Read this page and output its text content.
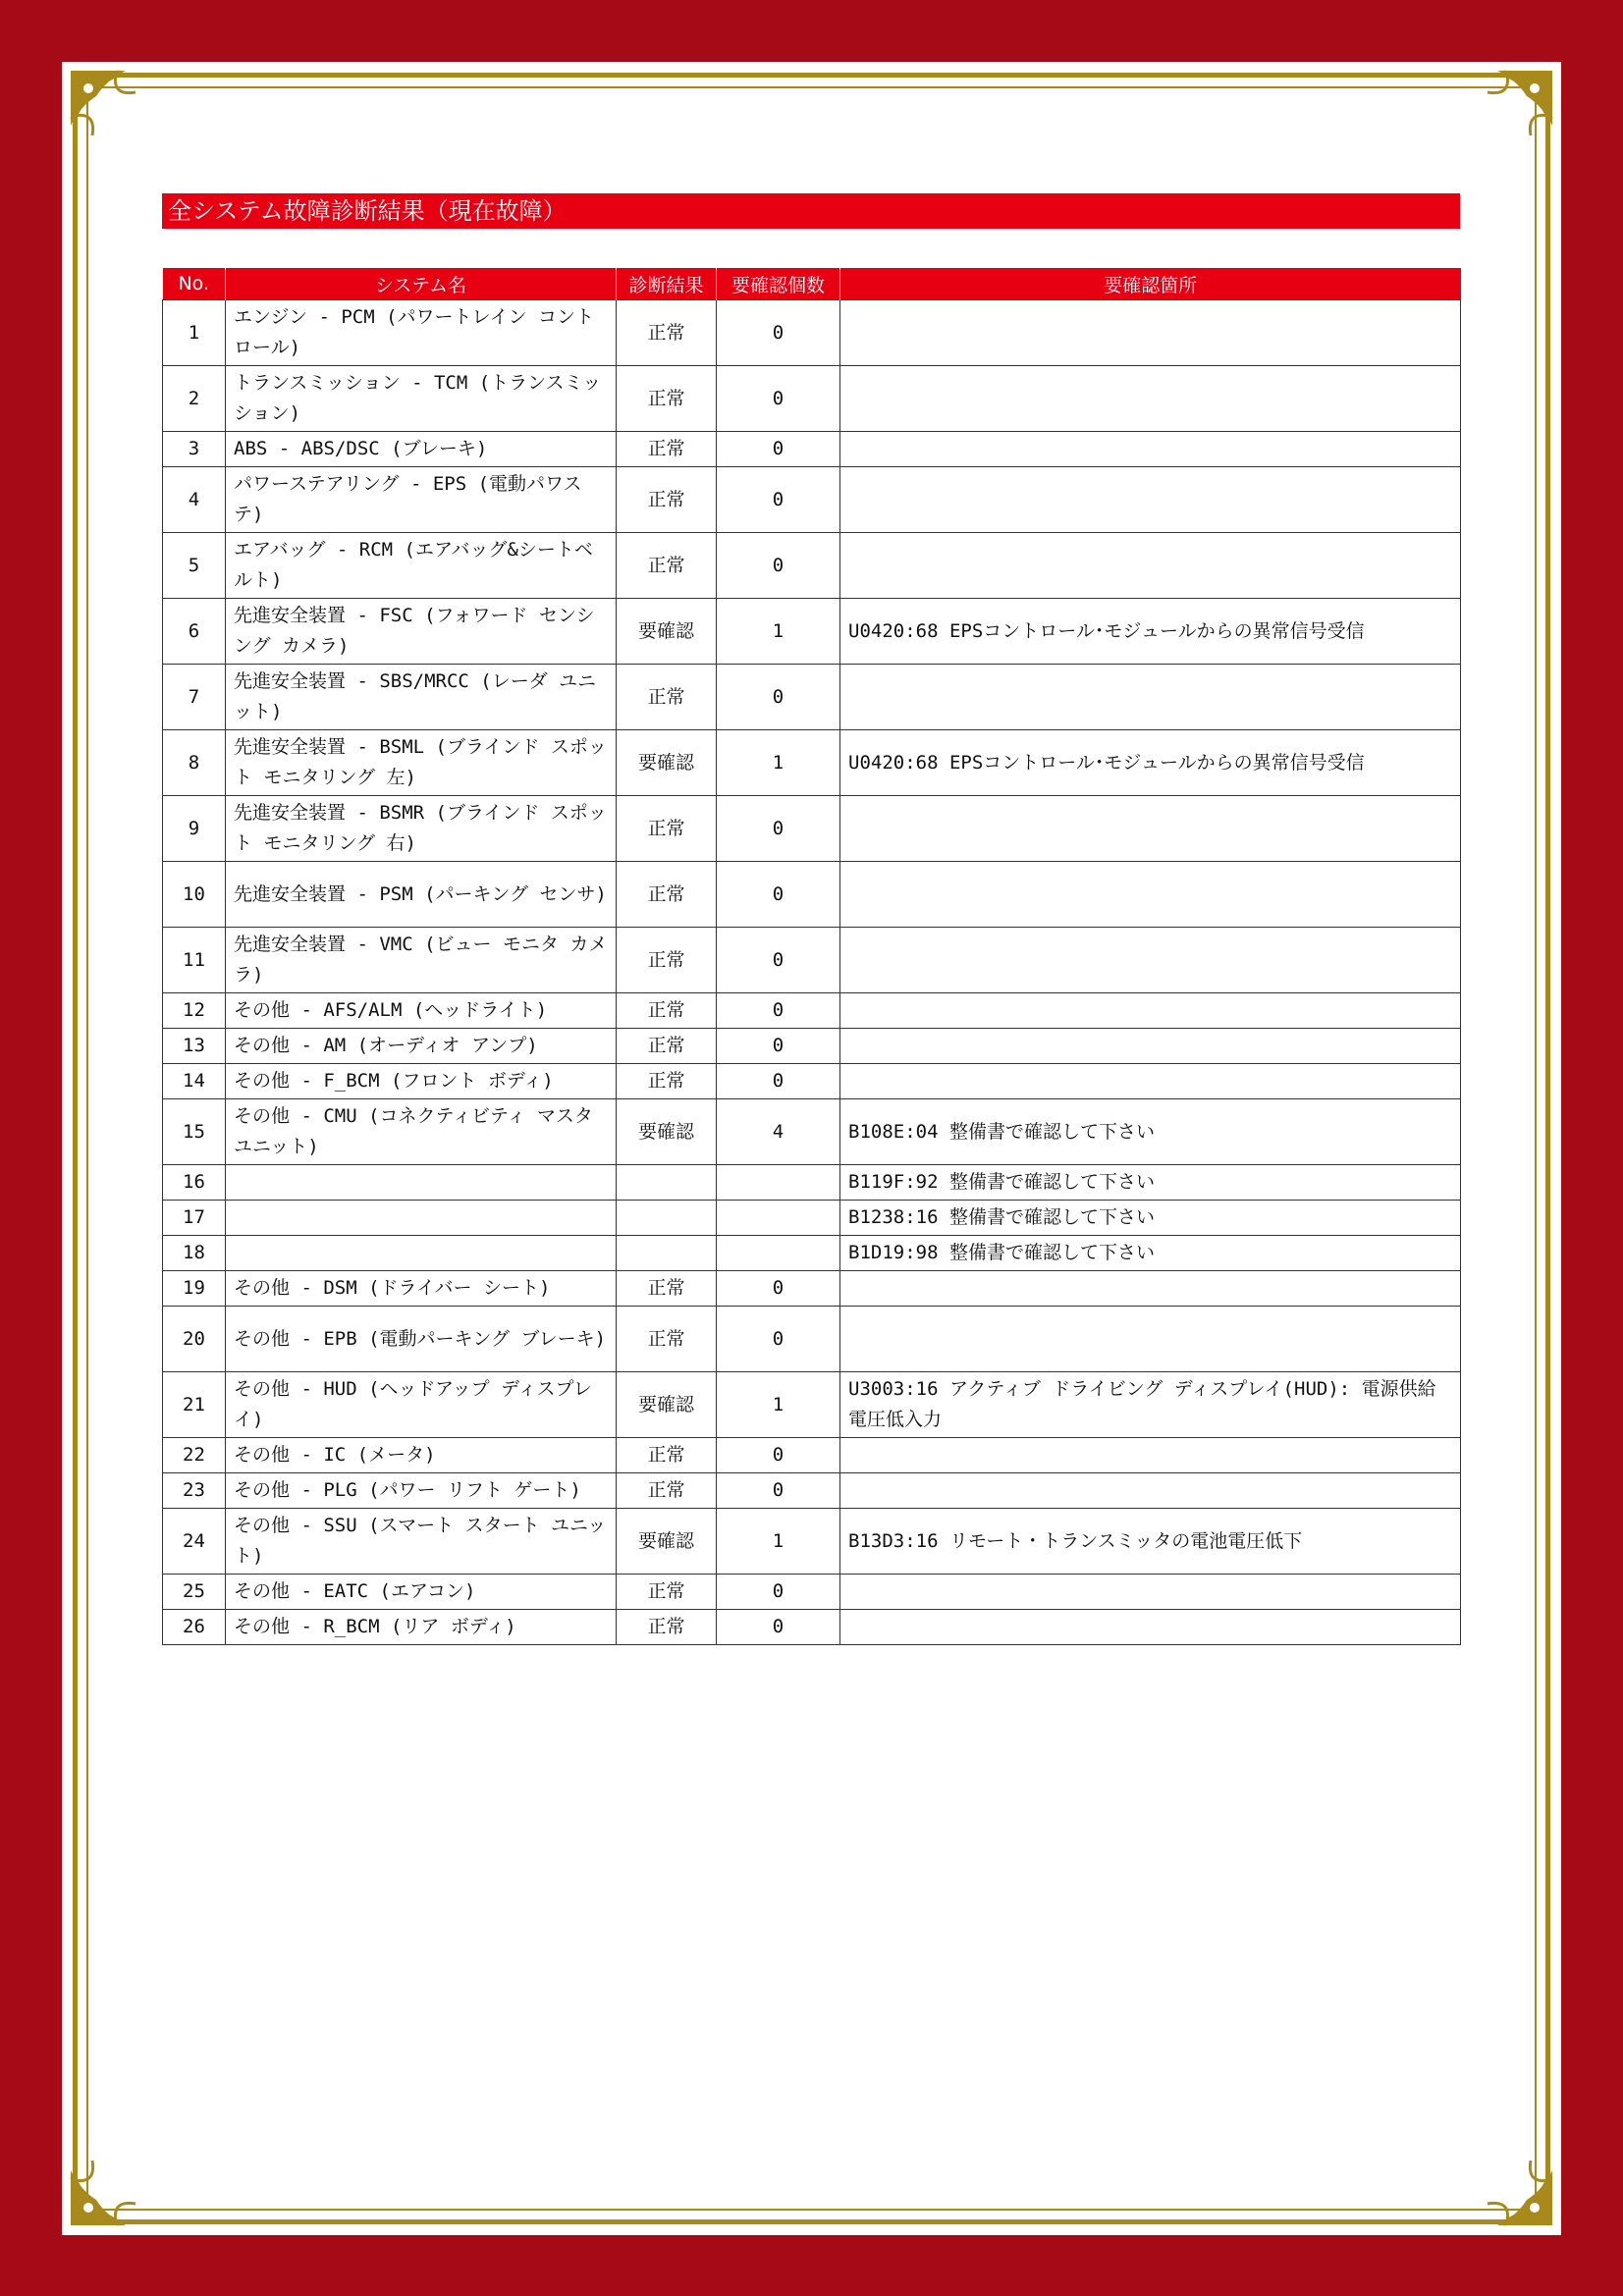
全システム故障診断結果（現在故障）
No.	システム名	診断結果	要確認個数	要確認箇所
1	エンジン - PCM (パワートレイン コントロール)	正常	0	
2	トランスミッション - TCM (トランスミッション)	正常	0	
3	ABS - ABS/DSC (ブレーキ)	正常	0	
4	パワーステアリング - EPS (電動パワステ)	正常	0	
5	エアバッグ - RCM (エアバッグ&シートベルト)	正常	0	
6	先進安全装置 - FSC (フォワード センシング カメラ)	要確認	1	U0420:68 EPSコントロール･モジュールからの異常信号受信
7	先進安全装置 - SBS/MRCC (レーダ ユニット)	正常	0	
8	先進安全装置 - BSML (ブラインド スポット モニタリング 左)	要確認	1	U0420:68 EPSコントロール･モジュールからの異常信号受信
9	先進安全装置 - BSMR (ブラインド スポット モニタリング 右)	正常	0	
10	先進安全装置 - PSM (パーキング センサ)	正常	0	
11	先進安全装置 - VMC (ビュー モニタ カメラ)	正常	0	
12	その他 - AFS/ALM (ヘッドライト)	正常	0	
13	その他 - AM (オーディオ アンプ)	正常	0	
14	その他 - F_BCM (フロント ボディ)	正常	0	
15	その他 - CMU (コネクティビティ マスタ ユニット)	要確認	4	B108E:04 整備書で確認して下さい
16				B119F:92 整備書で確認して下さい
17				B1238:16 整備書で確認して下さい
18				B1D19:98 整備書で確認して下さい
19	その他 - DSM (ドライバー シート)	正常	0	
20	その他 - EPB (電動パーキング ブレーキ)	正常	0	
21	その他 - HUD (ヘッドアップ ディスプレイ)	要確認	1	U3003:16 アクティブ ドライビング ディスプレイ(HUD): 電源供給電圧低入力
22	その他 - IC (メータ)	正常	0	
23	その他 - PLG (パワー リフト ゲート)	正常	0	
24	その他 - SSU (スマート スタート ユニット)	要確認	1	B13D3:16 リモート・トランスミッタの電池電圧低下
25	その他 - EATC (エアコン)	正常	0	
26	その他 - R_BCM (リア ボディ)	正常	0	
